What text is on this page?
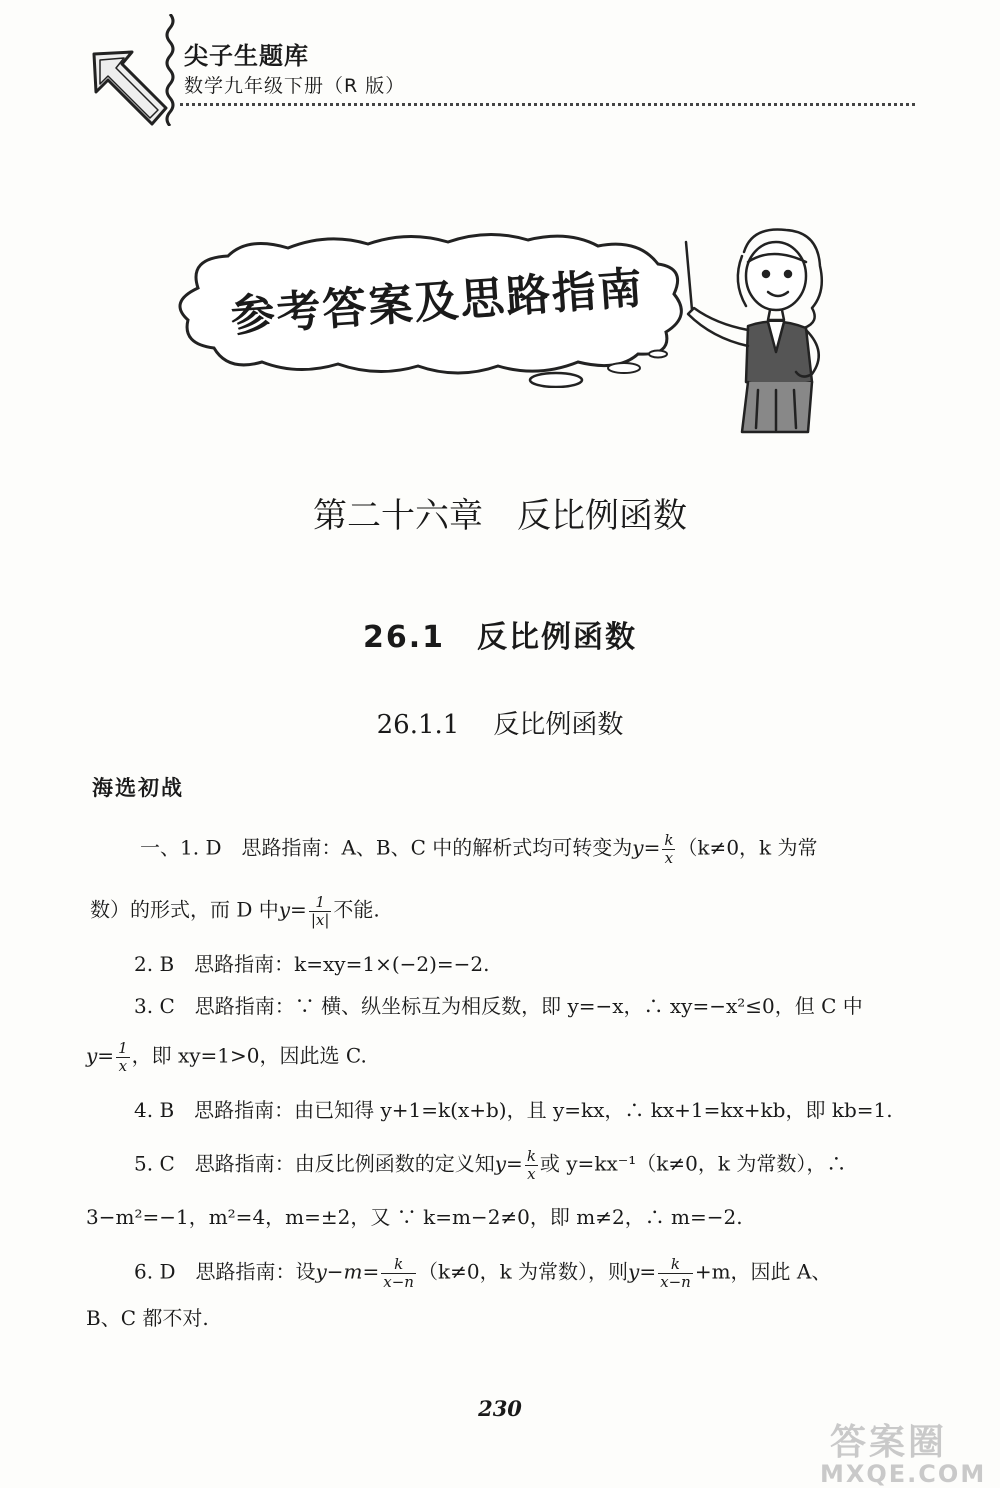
尖子生题库
数学九年级下册（R 版）
参考答案及思路指南
第二十六章　反比例函数
26.1　反比例函数
26.1.1 反比例函数
海选初战
一、1. D　思路指南：A、B、C 中的解析式均可转变为$y= \frac{k}{x} (k\ne 0$，k 为常
数）的形式，而 D 中$y= \frac{1}{|x|}$ 不能.
2. B　思路指南：k=xy=1×(−2)=−2.
3. C　思路指南：∵ 横、纵坐标互为相反数，即 y=−x，∴ xy=−x²≤0，但 C 中
$y= \frac{1}{x}$ ，即 xy=1>0，因此选 C.
4. B　思路指南：由已知得 y+1=k(x+b)，且 y=kx，∴ kx+1=kx+kb，即 kb=1.
5. C　思路指南：由反比例函数的定义知$y= \frac{k}{x}$ 或 y=kx⁻¹（k≠0，k 为常数），∴
3−m²=−1，m²=4，m=±2，又 ∵ k=m−2≠0，即 m≠2，∴ m=−2.
6. D　思路指南：设$y-m= \frac{k}{x-n} (k\ne 0$，k 为常数），则$y= \frac{k}{x-n} +m$，因此 A、
B、C 都不对.
230
答案圈
MXQE.COM
